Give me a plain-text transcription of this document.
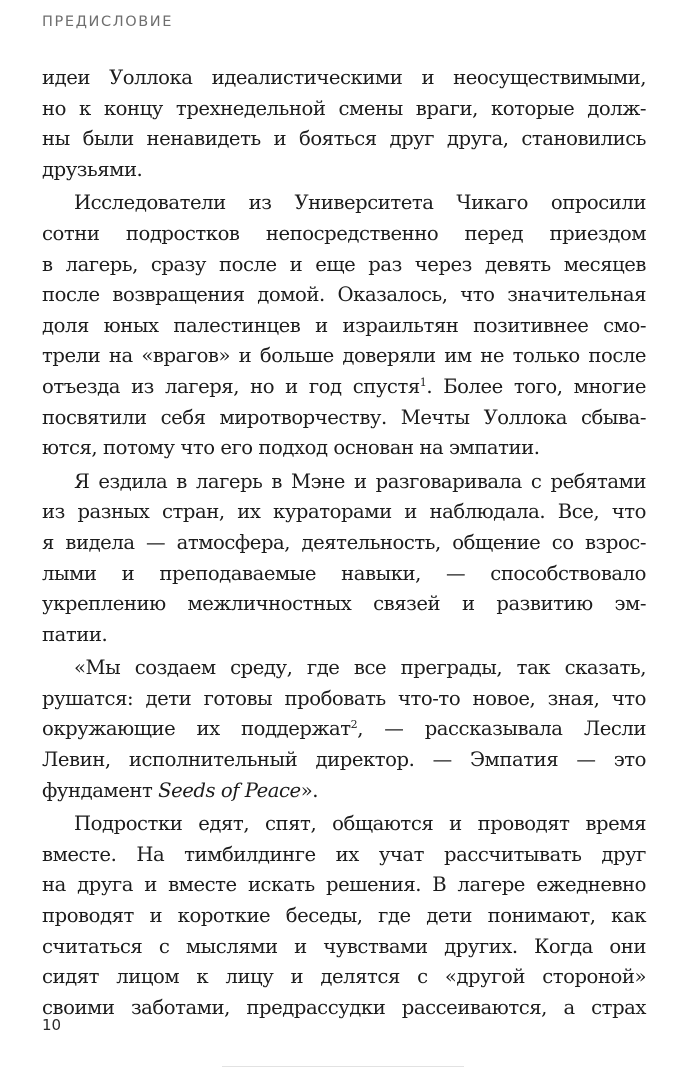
ПРЕДИСЛОВИЕ
идеи Уоллока идеалистическими и неосуществимыми,
но к концу трехнедельной смены враги, которые долж-
ны были ненавидеть и бояться друг друга, становились
друзьями.
Исследователи из Университета Чикаго опросили
сотни подростков непосредственно перед приездом
в лагерь, сразу после и еще раз через девять месяцев
после возвращения домой. Оказалось, что значительная
доля юных палестинцев и израильтян позитивнее смо-
трели на «врагов» и больше доверяли им не только после
отъезда из лагеря, но и год спустя$^1$. Более того, многие
посвятили себя миротворчеству. Мечты Уоллока сбыва-
ются, потому что его подход основан на эмпатии.
Я ездила в лагерь в Мэне и разговаривала с ребятами
из разных стран, их кураторами и наблюдала. Все, что
я видела — атмосфера, деятельность, общение со взрос-
лыми и преподаваемые навыки, — способствовало
укреплению межличностных связей и развитию эм-
патии.
«Мы создаем среду, где все преграды, так сказать,
рушатся: дети готовы пробовать что-то новое, зная, что
окружающие их поддержат$^2$, — рассказывала Лесли
Левин, исполнительный директор. — Эмпатия — это
фундамент Seeds of Peace».
Подростки едят, спят, общаются и проводят время
вместе. На тимбилдинге их учат рассчитывать друг
на друга и вместе искать решения. В лагере ежедневно
проводят и короткие беседы, где дети понимают, как
считаться с мыслями и чувствами других. Когда они
сидят лицом к лицу и делятся с «другой стороной»
своими заботами, предрассудки рассеиваются, а страх
10
